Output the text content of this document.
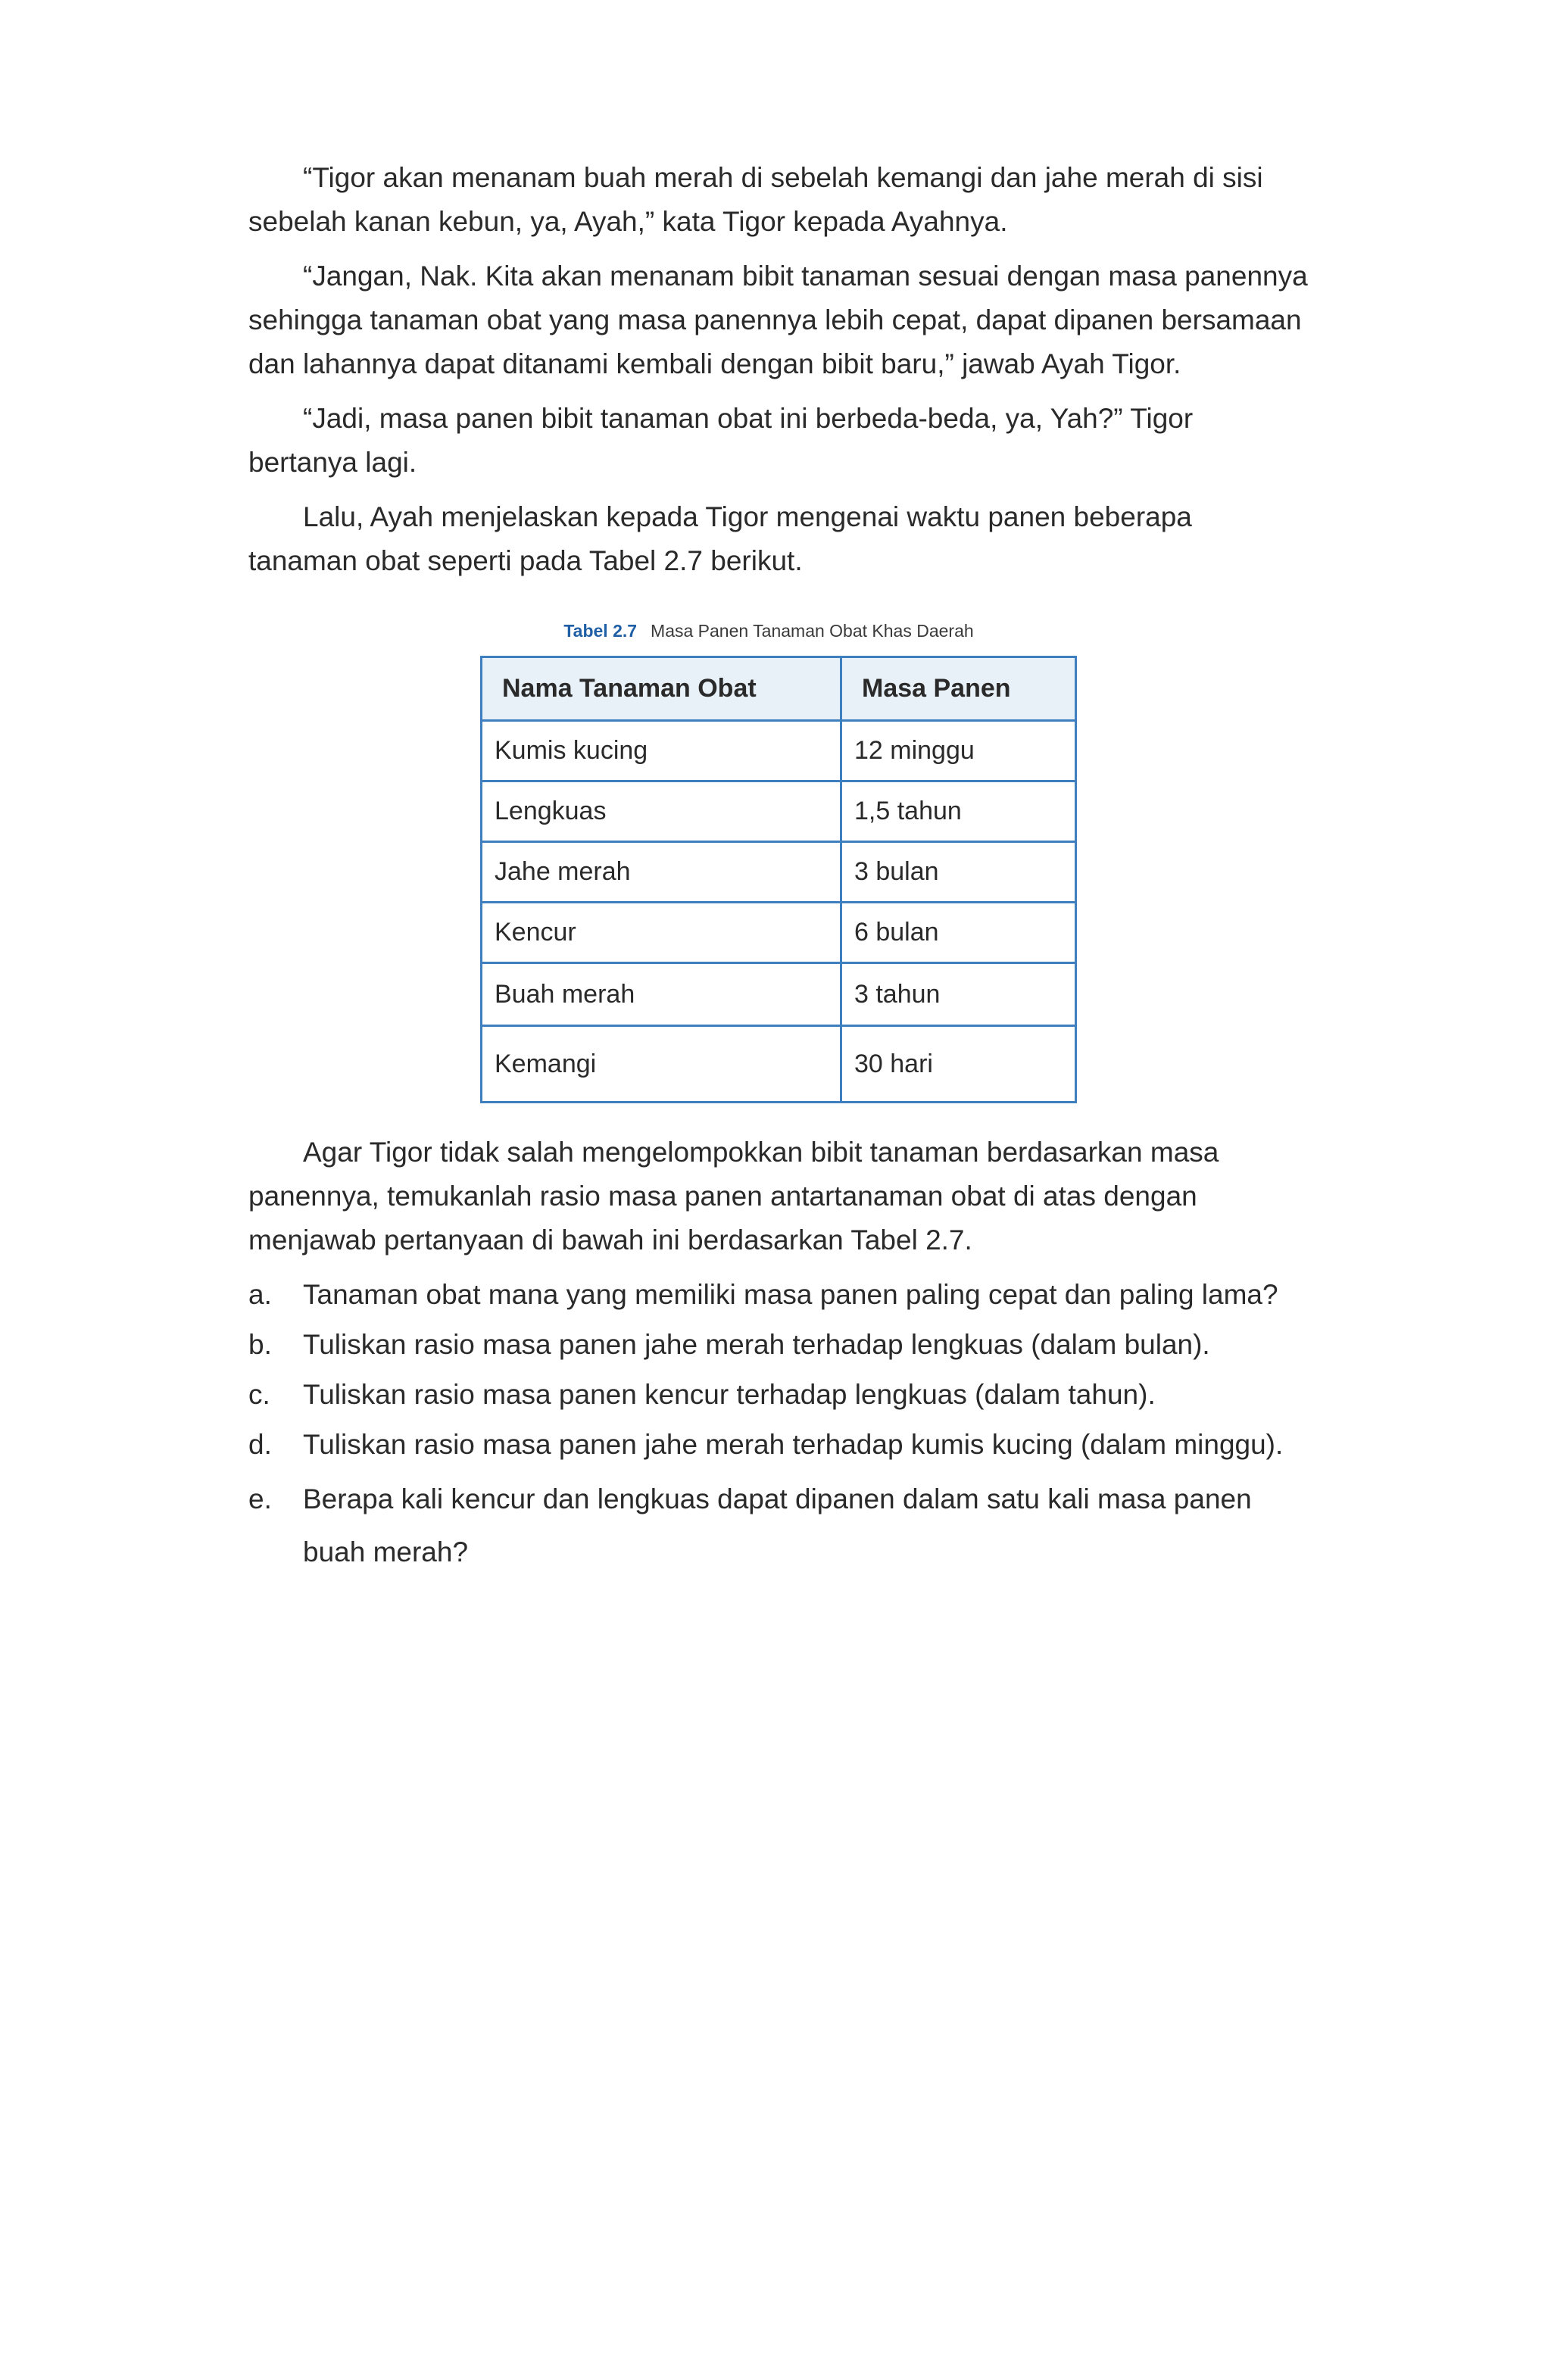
“Tigor akan menanam buah merah di sebelah kemangi dan jahe merah di sisi sebelah kanan kebun, ya, Ayah,” kata Tigor kepada Ayahnya.

“Jangan, Nak. Kita akan menanam bibit tanaman sesuai dengan masa panennya sehingga tanaman obat yang masa panennya lebih cepat, dapat dipanen bersamaan dan lahannya dapat ditanami kembali dengan bibit baru,” jawab Ayah Tigor.

“Jadi, masa panen bibit tanaman obat ini berbeda-beda, ya, Yah?” Tigor bertanya lagi.

Lalu, Ayah menjelaskan kepada Tigor mengenai waktu panen beberapa tanaman obat seperti pada Tabel 2.7 berikut.

Tabel 2.7 Masa Panen Tanaman Obat Khas Daerah
Nama Tanaman Obat	Masa Panen
Kumis kucing	12 minggu
Lengkuas	1,5 tahun
Jahe merah	3 bulan
Kencur	6 bulan
Buah merah	3 tahun
Kemangi	30 hari

Agar Tigor tidak salah mengelompokkan bibit tanaman berdasarkan masa panennya, temukanlah rasio masa panen antartanaman obat di atas dengan menjawab pertanyaan di bawah ini berdasarkan Tabel 2.7.

a. Tanaman obat mana yang memiliki masa panen paling cepat dan paling lama?
b. Tuliskan rasio masa panen jahe merah terhadap lengkuas (dalam bulan).
c. Tuliskan rasio masa panen kencur terhadap lengkuas (dalam tahun).
d. Tuliskan rasio masa panen jahe merah terhadap kumis kucing (dalam minggu).
e. Berapa kali kencur dan lengkuas dapat dipanen dalam satu kali masa panen buah merah?
